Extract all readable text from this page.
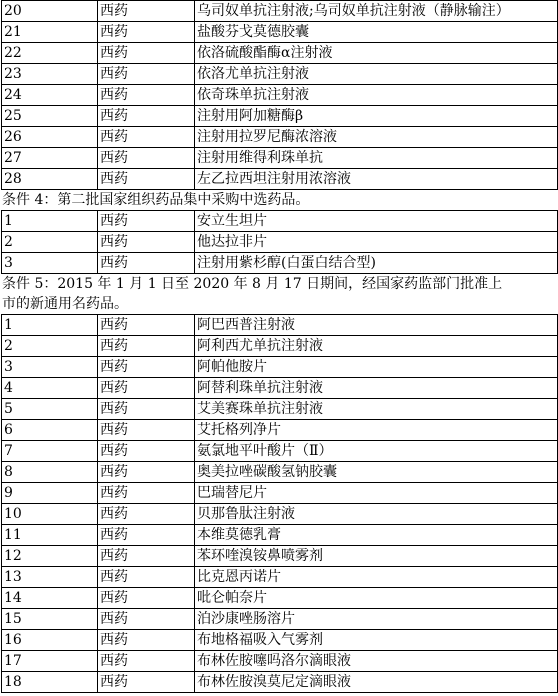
20	西药	乌司奴单抗注射液;乌司奴单抗注射液（静脉输注）
21	西药	盐酸芬戈莫德胶囊
22	西药	依洛硫酸酯酶α注射液
23	西药	依洛尤单抗注射液
24	西药	依奇珠单抗注射液
25	西药	注射用阿加糖酶β
26	西药	注射用拉罗尼酶浓溶液
27	西药	注射用维得利珠单抗
28	西药	左乙拉西坦注射用浓溶液
条件 4：第二批国家组织药品集中采购中选药品。
1	西药	安立生坦片
2	西药	他达拉非片
3	西药	注射用紫杉醇(白蛋白结合型)
条件 5：2015 年 1 月 1 日至 2020 年 8 月 17 日期间，经国家药监部门批准上
市的新通用名药品。
1	西药	阿巴西普注射液
2	西药	阿利西尤单抗注射液
3	西药	阿帕他胺片
4	西药	阿替利珠单抗注射液
5	西药	艾美赛珠单抗注射液
6	西药	艾托格列净片
7	西药	氨氯地平叶酸片（Ⅱ）
8	西药	奥美拉唑碳酸氢钠胶囊
9	西药	巴瑞替尼片
10	西药	贝那鲁肽注射液
11	西药	本维莫德乳膏
12	西药	苯环喹溴铵鼻喷雾剂
13	西药	比克恩丙诺片
14	西药	吡仑帕奈片
15	西药	泊沙康唑肠溶片
16	西药	布地格福吸入气雾剂
17	西药	布林佐胺噻吗洛尔滴眼液
18	西药	布林佐胺溴莫尼定滴眼液
